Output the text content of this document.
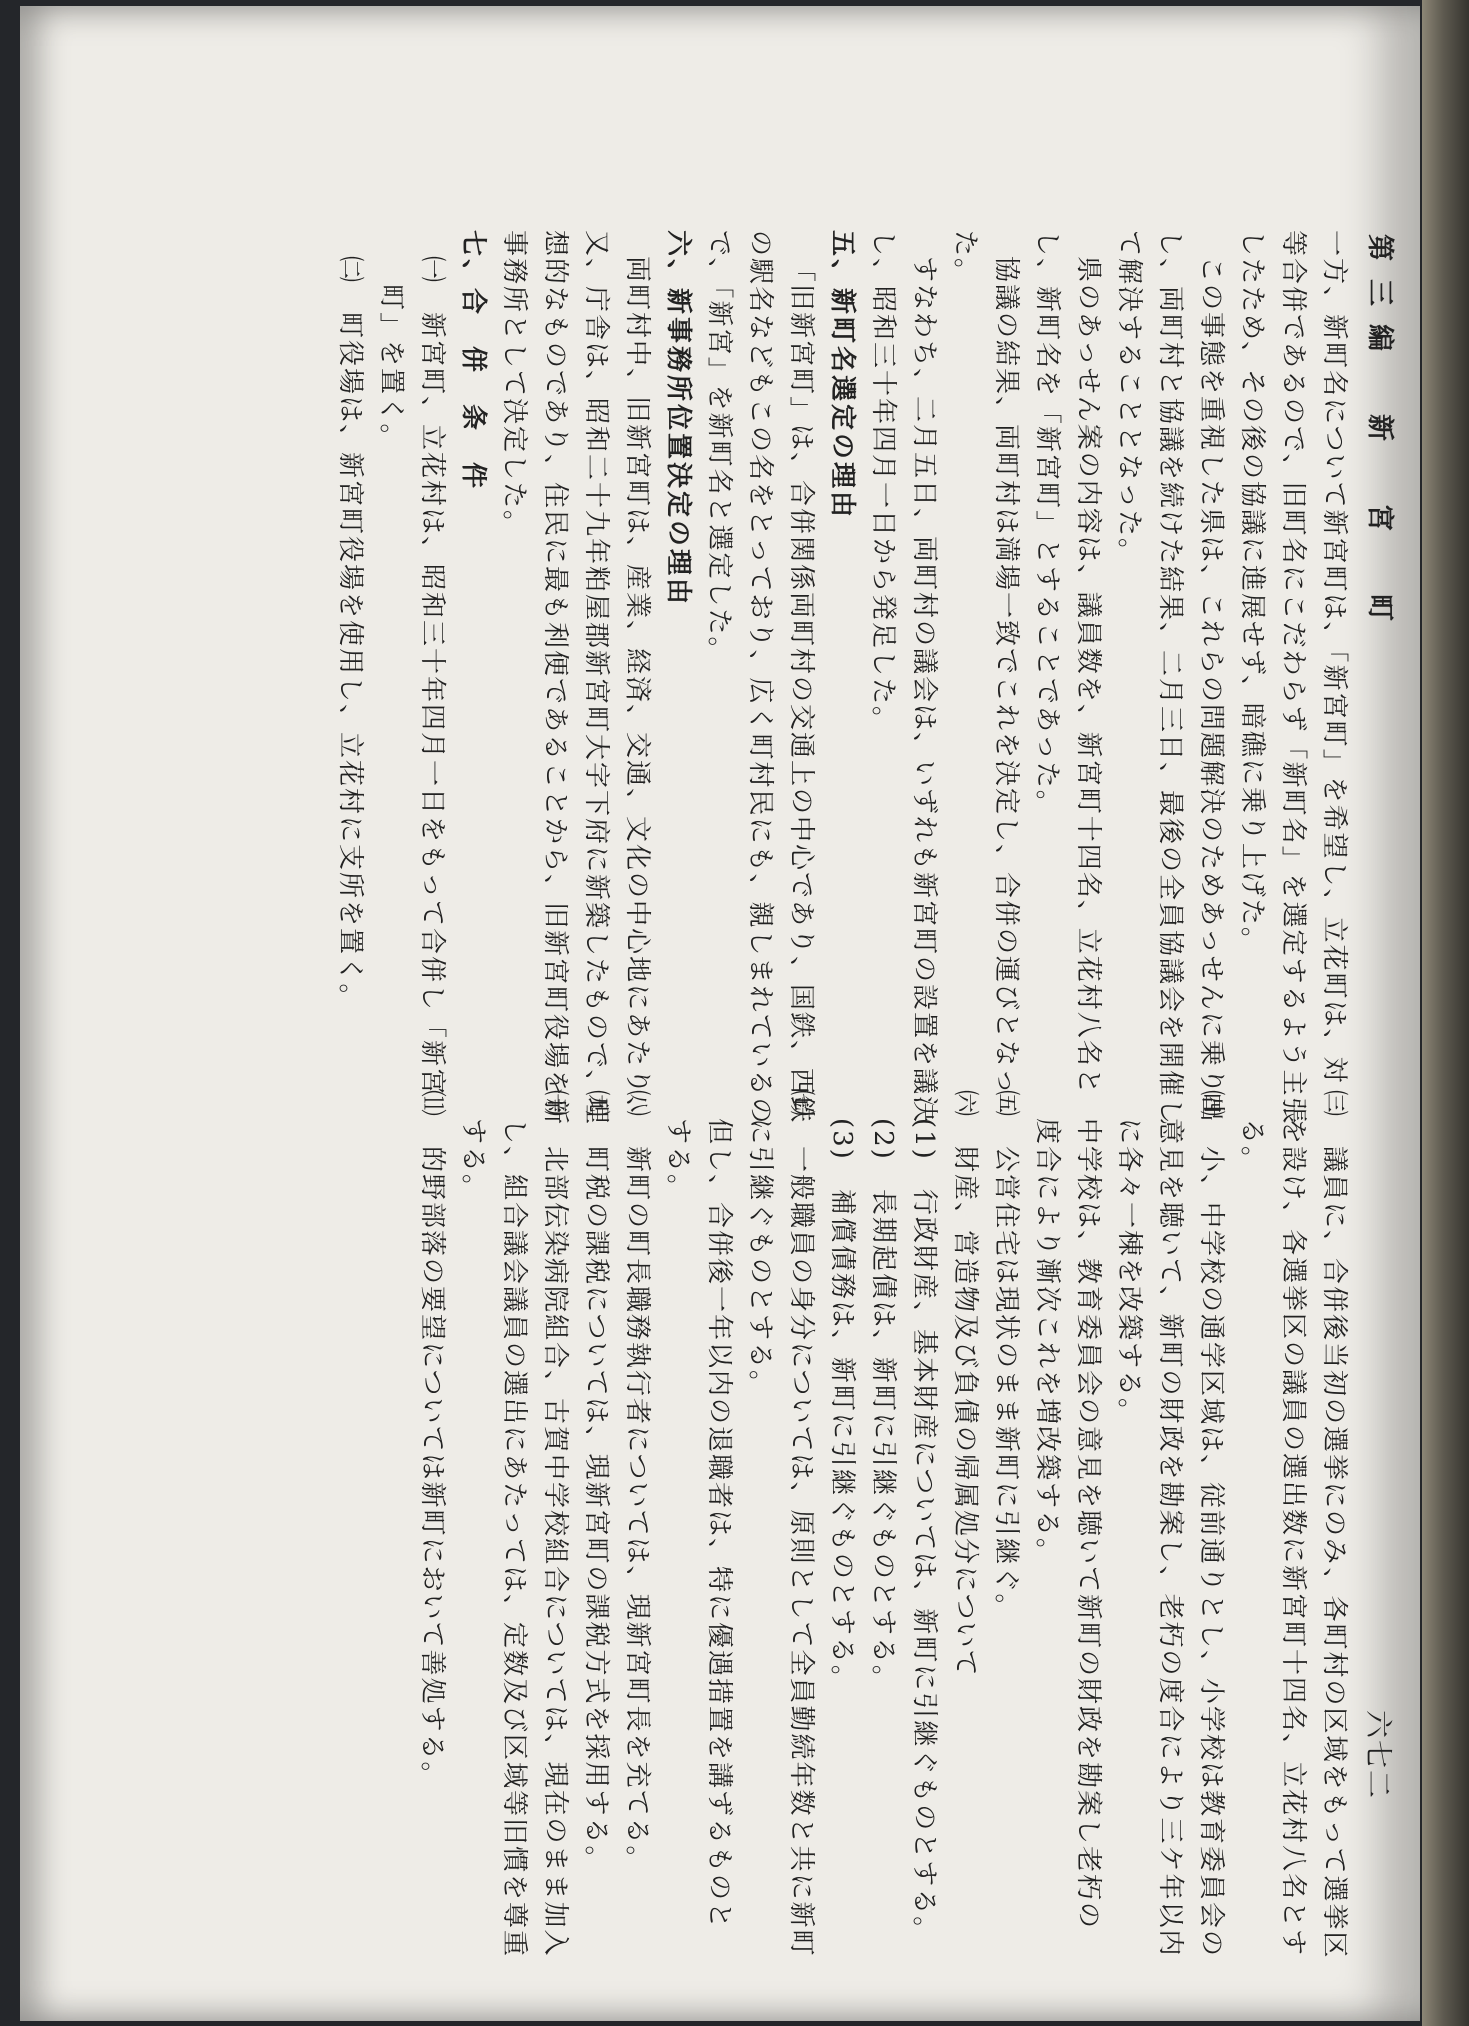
第三編　新　宮　町
六七二
一方、新町名について新宮町は、「新宮町」を希望し、立花町は、対
等合併であるので、旧町名にこだわらず「新町名」を選定するよう主張
したため、その後の協議に進展せず、暗礁に乗り上げた。
この事態を重視した県は、これらの問題解決のためあっせんに乗り出
し、両町村と協議を続けた結果、二月三日、最後の全員協議会を開催し
て解決することとなった。
県のあっせん案の内容は、議員数を、新宮町十四名、立花村八名と
し、新町名を「新宮町」とすることであった。
協議の結果、両町村は満場一致でこれを決定し、合併の運びとなっ
た。
すなわち、二月五日、両町村の議会は、いずれも新宮町の設置を議決
し、昭和三十年四月一日から発足した。
五、新町名選定の理由
「旧新宮町」は、合併関係両町村の交通上の中心であり、国鉄、西鉄
の駅名などもこの名をとっており、広く町村民にも、親しまれているの
で、「新宮」を新町名と選定した。
六、新事務所位置決定の理由
両町村中、旧新宮町は、産業、経済、交通、文化の中心地にあたり、
又、庁舎は、昭和二十九年粕屋郡新宮町大字下府に新築したもので、理
想的なものであり、住民に最も利便であることから、旧新宮町役場を新
事務所として決定した。
七、合　併　条　件
㈠　新宮町、立花村は、昭和三十年四月一日をもって合併し「新宮
　町」を置く。
㈡　町役場は、新宮町役場を使用し、立花村に支所を置く。
㈢　議員に、合併後当初の選挙にのみ、各町村の区域をもって選挙区
　を設け、各選挙区の議員の選出数に新宮町十四名、立花村八名とす
　る。
㈣　小、中学校の通学区域は、従前通りとし、小学校は教育委員会の
　意見を聴いて、新町の財政を勘案し、老朽の度合により三ケ年以内
　に各々一棟を改築する。
　中学校は、教育委員会の意見を聴いて新町の財政を勘案し老朽の
　度合により漸次これを増改築する。
㈤　公営住宅は現状のまま新町に引継ぐ。
㈥　財産、営造物及び負債の帰属処分について
　(1)　行政財産、基本財産については、新町に引継ぐものとする。
　(2)　長期起債は、新町に引継ぐものとする。
　(3)　補償債務は、新町に引継ぐものとする。
㈦　一般職員の身分については、原則として全員勤続年数と共に新町
　に引継ぐものとする。
　但し、合併後一年以内の退職者は、特に優遇措置を講ずるものと
　する。
㈧　新町の町長職務執行者については、現新宮町長を充てる。
㈨　町税の課税については、現新宮町の課税方式を採用する。
㈩　北部伝染病院組合、古賀中学校組合については、現在のまま加入
　し、組合議会議員の選出にあたっては、定数及び区域等旧慣を尊重
　する。
⑾　的野部落の要望については新町において善処する。
